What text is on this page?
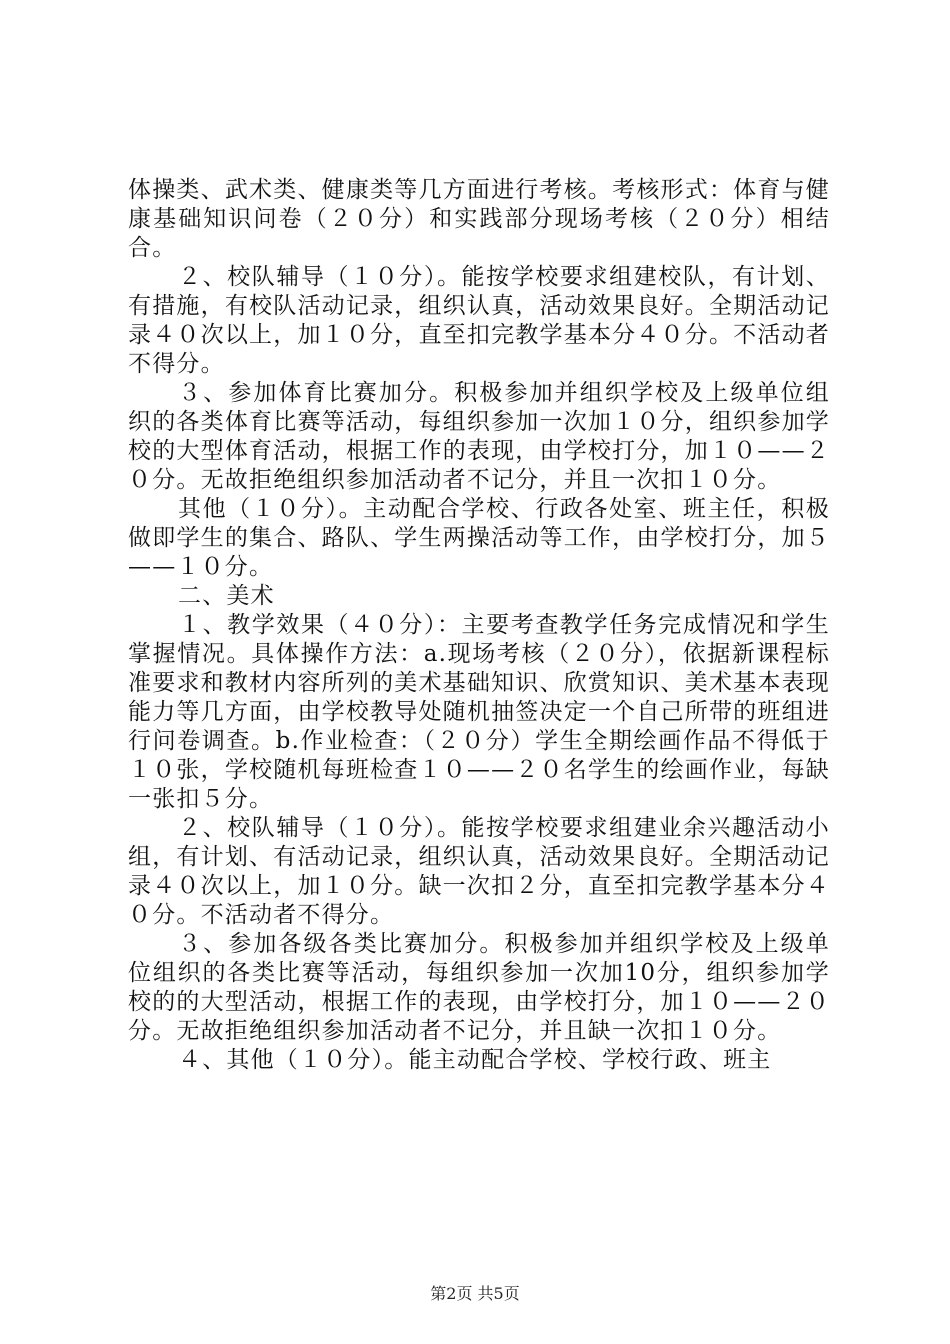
体操类、武术类、健康类等几方面进行考核。考核形式：体育与健康基础知识问卷（２０分）和实践部分现场考核（２０分）相结合。

２、校队辅导（１０分）。能按学校要求组建校队，有计划、有措施，有校队活动记录，组织认真，活动效果良好。全期活动记录４０次以上，加１０分，直至扣完教学基本分４０分。不活动者不得分。

３、参加体育比赛加分。积极参加并组织学校及上级单位组织的各类体育比赛等活动，每组织参加一次加１０分，组织参加学校的大型体育活动，根据工作的表现，由学校打分，加１０——２０分。无故拒绝组织参加活动者不记分，并且一次扣１０分。

其他（１０分）。主动配合学校、行政各处室、班主任，积极做即学生的集合、路队、学生两操活动等工作，由学校打分，加５——１０分。

二、美术

１、教学效果（４０分）：主要考查教学任务完成情况和学生掌握情况。具体操作方法：a.现场考核（２０分），依据新课程标准要求和教材内容所列的美术基础知识、欣赏知识、美术基本表现能力等几方面，由学校教导处随机抽签决定一个自己所带的班组进行问卷调查。b.作业检查：（２０分）学生全期绘画作品不得低于１０张，学校随机每班检查１０——２０名学生的绘画作业，每缺一张扣５分。

２、校队辅导（１０分）。能按学校要求组建业余兴趣活动小组，有计划、有活动记录，组织认真，活动效果良好。全期活动记录４０次以上，加１０分。缺一次扣２分，直至扣完教学基本分４０分。不活动者不得分。

３、参加各级各类比赛加分。积极参加并组织学校及上级单位组织的各类比赛等活动，每组织参加一次加10分，组织参加学校的的大型活动，根据工作的表现，由学校打分，加１０——２０分。无故拒绝组织参加活动者不记分，并且缺一次扣１０分。

４、其他（１０分）。能主动配合学校、学校行政、班主

第2页 共5页
